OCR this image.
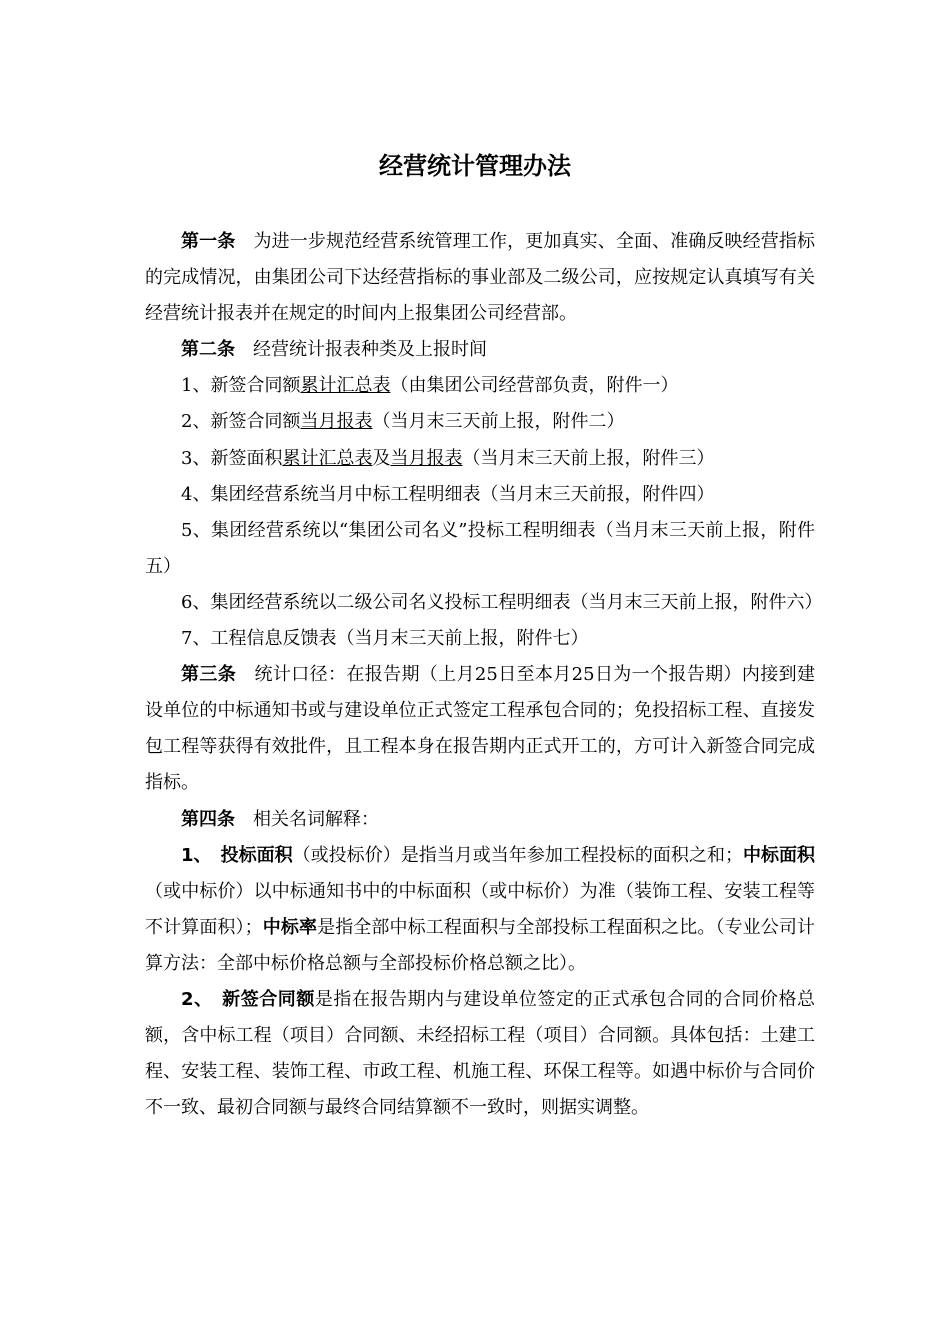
经营统计管理办法

第一条　 为进一步规范经营系统管理工作，更加真实、全面、准确反映经营指标的完成情况，由集团公司下达经营指标的事业部及二级公司，应按规定认真填写有关经营统计报表并在规定的时间内上报集团公司经营部。

第二条　 经营统计报表种类及上报时间

1、新签合同额累计汇总表（由集团公司经营部负责，附件一）

2、新签合同额当月报表（当月末三天前上报，附件二）

3、新签面积累计汇总表及当月报表（当月末三天前上报，附件三）

4、集团经营系统当月中标工程明细表（当月末三天前报，附件四）

5、集团经营系统以“集团公司名义”投标工程明细表（当月末三天前上报，附件五）

6、集团经营系统以二级公司名义投标工程明细表（当月末三天前上报，附件六）

7、工程信息反馈表（当月末三天前上报，附件七）

第三条　 统计口径：在报告期（上月25日至本月25日为一个报告期）内接到建设单位的中标通知书或与建设单位正式签定工程承包合同的；免投招标工程、直接发包工程等获得有效批件，且工程本身在报告期内正式开工的，方可计入新签合同完成指标。

第四条　 相关名词解释：

1、　 投标面积（或投标价）是指当月或当年参加工程投标的面积之和；中标面积（或中标价）以中标通知书中的中标面积（或中标价）为准（装饰工程、安装工程等不计算面积）；中标率是指全部中标工程面积与全部投标工程面积之比。（专业公司计算方法：全部中标价格总额与全部投标价格总额之比）。

2、　 新签合同额是指在报告期内与建设单位签定的正式承包合同的合同价格总额，含中标工程（项目）合同额、未经招标工程（项目）合同额。具体包括：土建工程、安装工程、装饰工程、市政工程、机施工程、环保工程等。如遇中标价与合同价不一致、最初合同额与最终合同结算额不一致时，则据实调整。
